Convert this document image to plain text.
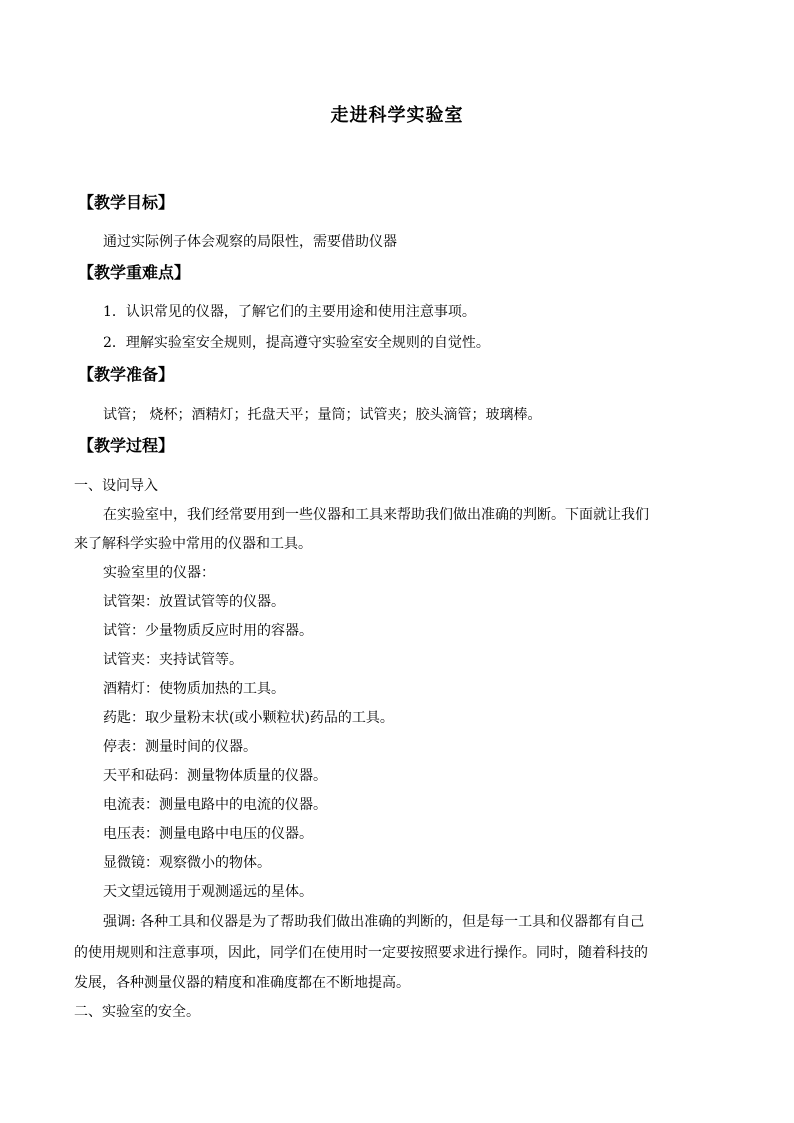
走进科学实验室
【教学目标】
通过实际例子体会观察的局限性，需要借助仪器
【教学重难点】
1．认识常见的仪器，了解它们的主要用途和使用注意事项。
2．理解实验室安全规则，提高遵守实验室安全规则的自觉性。
【教学准备】
试管； 烧杯；酒精灯；托盘天平；量筒；试管夹；胶头滴管；玻璃棒。
【教学过程】
一、设问导入
在实验室中，我们经常要用到一些仪器和工具来帮助我们做出准确的判断。下面就让我们
来了解科学实验中常用的仪器和工具。
实验室里的仪器：
试管架：放置试管等的仪器。
试管：少量物质反应时用的容器。
试管夹：夹持试管等。
酒精灯：使物质加热的工具。
药匙：取少量粉末状(或小颗粒状)药品的工具。
停表：测量时间的仪器。
天平和砝码：测量物体质量的仪器。
电流表：测量电路中的电流的仪器。
电压表：测量电路中电压的仪器。
显微镜：观察微小的物体。
天文望远镜用于观测遥远的星体。
强调: 各种工具和仪器是为了帮助我们做出准确的判断的，但是每一工具和仪器都有自己
的使用规则和注意事项，因此，同学们在使用时一定要按照要求进行操作。同时，随着科技的
发展，各种测量仪器的精度和准确度都在不断地提高。
二、实验室的安全。
